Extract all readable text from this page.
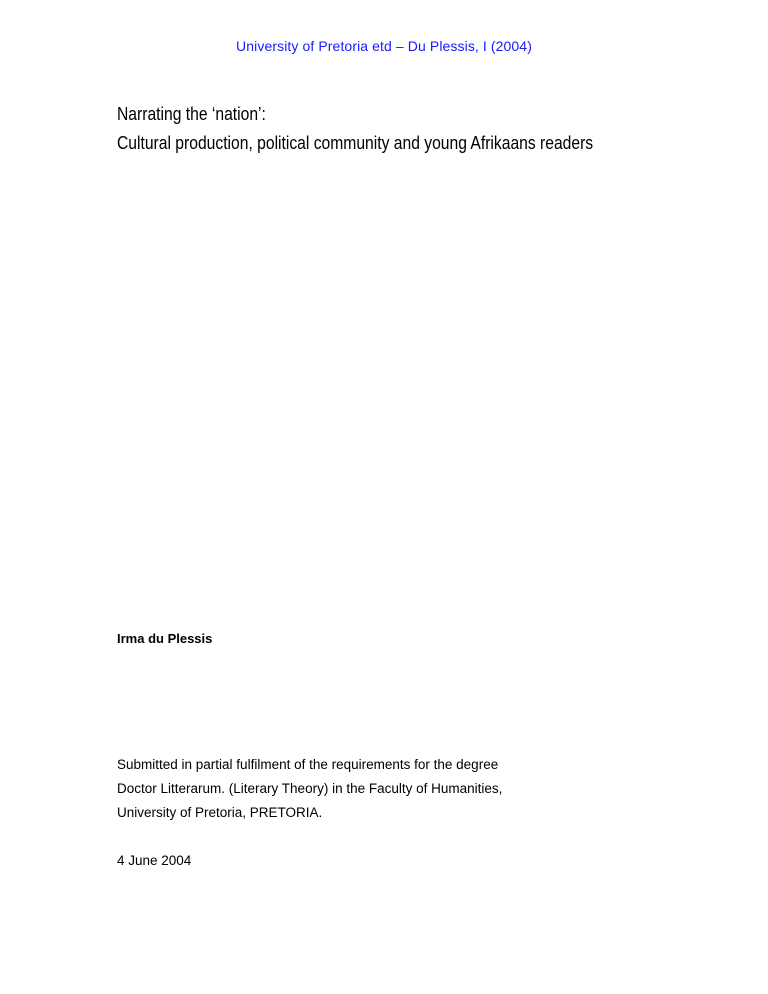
University of Pretoria etd – Du Plessis, I (2004)
Narrating the ‘nation’:
Cultural production, political community and young Afrikaans readers
Irma du Plessis
Submitted in partial fulfilment of the requirements for the degree
Doctor Litterarum. (Literary Theory) in the Faculty of Humanities,
University of Pretoria, PRETORIA.
4 June 2004
